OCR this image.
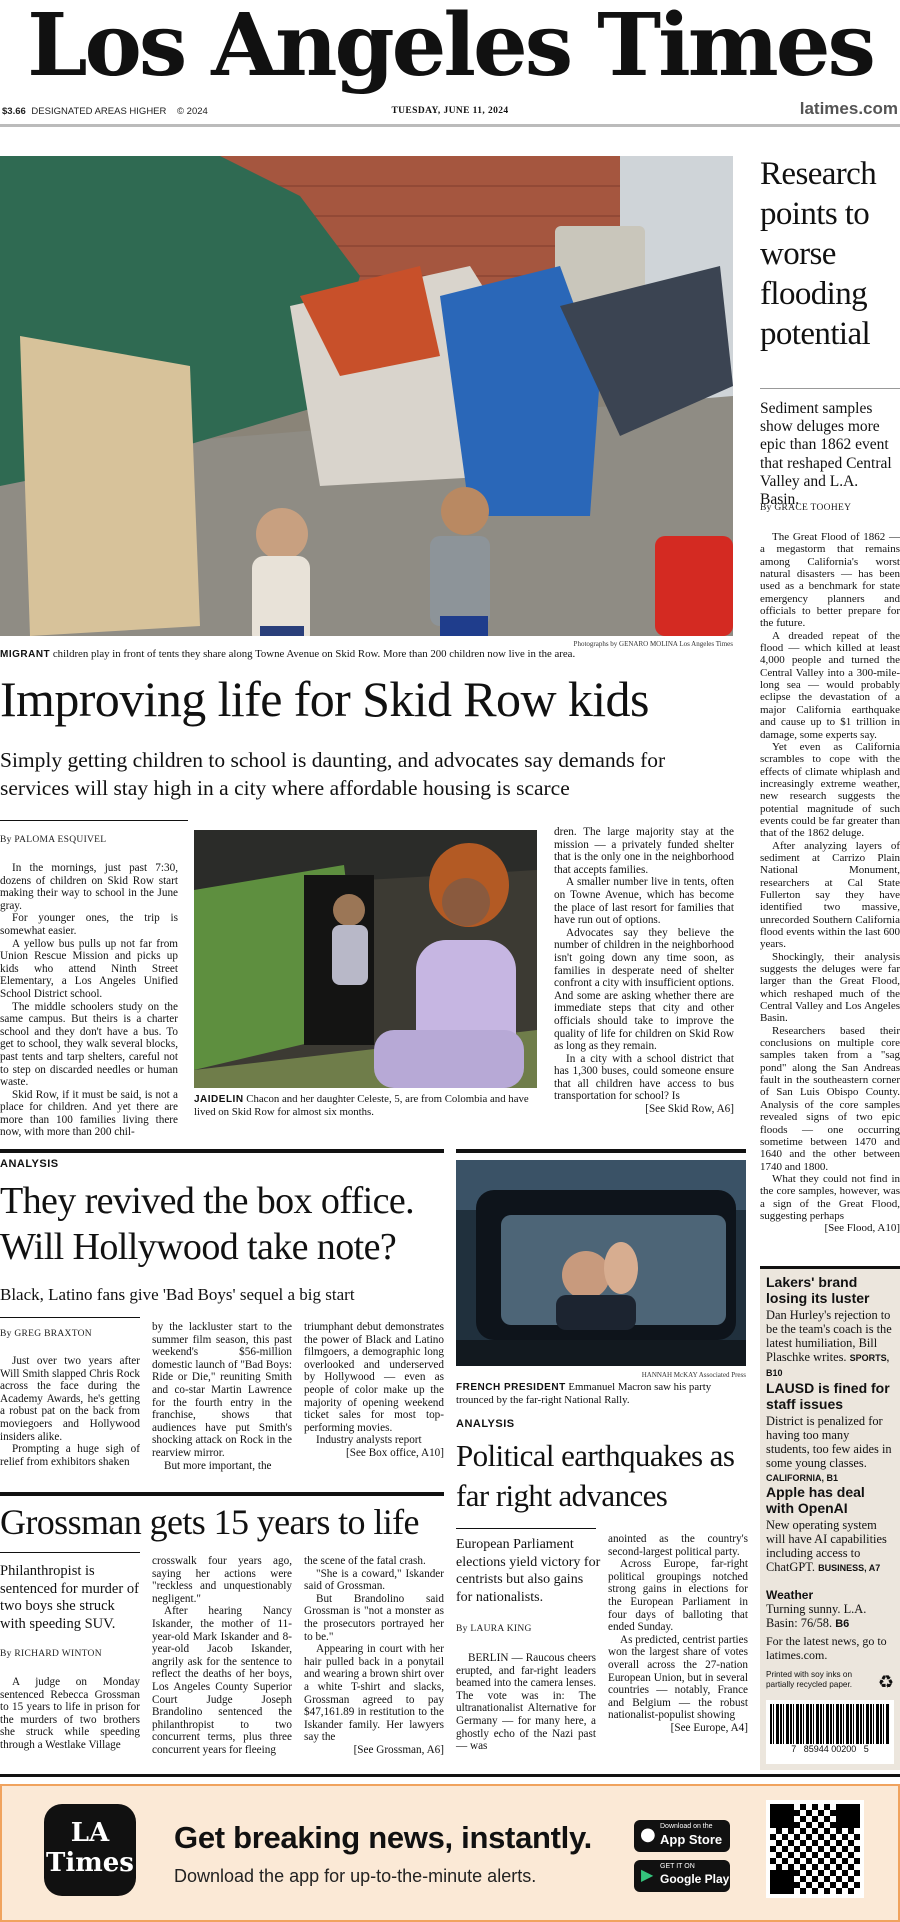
Los Angeles Times
$3.66 DESIGNATED AREAS HIGHER © 2024	TUESDAY, JUNE 11, 2024	latimes.com
Photographs by GENARO MOLINA Los Angeles Times
MIGRANT children play in front of tents they share along Towne Avenue on Skid Row. More than 200 children now live in the area.
Improving life for Skid Row kids
Simply getting children to school is daunting, and advocates say demands for services will stay high in a city where affordable housing is scarce
By PALOMA ESQUIVEL

In the mornings, just past 7:30, dozens of children on Skid Row start making their way to school in the June gray.

For younger ones, the trip is somewhat easier.

A yellow bus pulls up not far from Union Rescue Mission and picks up kids who attend Ninth Street Elementary, a Los Angeles Unified School District school.

The middle schoolers study on the same campus. But theirs is a charter school and they don't have a bus. To get to school, they walk several blocks, past tents and tarp shelters, careful not to step on discarded needles or human waste.

Skid Row, if it must be said, is not a place for children. And yet there are more than 100 families living there now, with more than 200 chil-

JAIDELIN Chacon and her daughter Celeste, 5, are from Colombia and have lived on Skid Row for almost six months.

dren. The large majority stay at the mission — a privately funded shelter that is the only one in the neighborhood that accepts families.

A smaller number live in tents, often on Towne Avenue, which has become the place of last resort for families that have run out of options.

Advocates say they believe the number of children in the neighborhood isn't going down any time soon, as families in desperate need of shelter confront a city with insufficient options. And some are asking whether there are immediate steps that city and other officials should take to improve the quality of life for children on Skid Row as long as they remain.

In a city with a school district that has 1,300 buses, could someone ensure that all children have access to bus transportation for school? Is

[See Skid Row, A6]

Research points to worse flooding potential
Sediment samples show deluges more epic than 1862 event that reshaped Central Valley and L.A. Basin.
By GRACE TOOHEY

The Great Flood of 1862 — a megastorm that remains among California's worst natural disasters — has been used as a benchmark for state emergency planners and officials to better prepare for the future.

A dreaded repeat of the flood — which killed at least 4,000 people and turned the Central Valley into a 300-mile-long sea — would probably eclipse the devastation of a major California earthquake and cause up to $1 trillion in damage, some experts say.

Yet even as California scrambles to cope with the effects of climate whiplash and increasingly extreme weather, new research suggests the potential magnitude of such events could be far greater than that of the 1862 deluge.

After analyzing layers of sediment at Carrizo Plain National Monument, researchers at Cal State Fullerton say they have identified two massive, unrecorded Southern California flood events within the last 600 years.

Shockingly, their analysis suggests the deluges were far larger than the Great Flood, which reshaped much of the Central Valley and Los Angeles Basin.

Researchers based their conclusions on multiple core samples taken from a "sag pond" along the San Andreas fault in the southeastern corner of San Luis Obispo County. Analysis of the core samples revealed signs of two epic floods — one occurring sometime between 1470 and 1640 and the other between 1740 and 1800.

What they could not find in the core samples, however, was a sign of the Great Flood, suggesting perhaps

[See Flood, A10]

ANALYSIS
They revived the box office. Will Hollywood take note?
Black, Latino fans give 'Bad Boys' sequel a big start
By GREG BRAXTON

Just over two years after Will Smith slapped Chris Rock across the face during the Academy Awards, he's getting a robust pat on the back from moviegoers and Hollywood insiders alike.

Prompting a huge sigh of relief from exhibitors shaken

by the lackluster start to the summer film season, this past weekend's $56-million domestic launch of "Bad Boys: Ride or Die," reuniting Smith and co-star Martin Lawrence for the fourth entry in the franchise, shows that audiences have put Smith's shocking attack on Rock in the rearview mirror.

But more important, the

triumphant debut demonstrates the power of Black and Latino filmgoers, a demographic long overlooked and underserved by Hollywood — even as people of color make up the majority of opening weekend ticket sales for most top-performing movies.

Industry analysts report

[See Box office, A10]

HANNAH McKAY Associated Press
FRENCH PRESIDENT Emmanuel Macron saw his party trounced by the far-right National Rally.
ANALYSIS
Political earthquakes as far right advances
European Parliament elections yield victory for centrists but also gains for nationalists.
By LAURA KING

BERLIN — Raucous cheers erupted, and far-right leaders beamed into the camera lenses. The vote was in: The ultranationalist Alternative for Germany — for many here, a ghostly echo of the Nazi past — was

anointed as the country's second-largest political party.

Across Europe, far-right political groupings notched strong gains in elections for the European Parliament in four days of balloting that ended Sunday.

As predicted, centrist parties won the largest share of votes overall across the 27-nation European Union, but in several countries — notably, France and Belgium — the robust nationalist-populist showing

[See Europe, A4]

Grossman gets 15 years to life
Philanthropist is sentenced for murder of two boys she struck with speeding SUV.
By RICHARD WINTON

A judge on Monday sentenced Rebecca Grossman to 15 years to life in prison for the murders of two brothers she struck while speeding through a Westlake Village

crosswalk four years ago, saying her actions were "reckless and unquestionably negligent."

After hearing Nancy Iskander, the mother of 11-year-old Mark Iskander and 8-year-old Jacob Iskander, angrily ask for the sentence to reflect the deaths of her boys, Los Angeles County Superior Court Judge Joseph Brandolino sentenced the philanthropist to two concurrent terms, plus three concurrent years for fleeing

the scene of the fatal crash.

"She is a coward," Iskander said of Grossman.

But Brandolino said Grossman is "not a monster as the prosecutors portrayed her to be."

Appearing in court with her hair pulled back in a ponytail and wearing a brown shirt over a white T-shirt and slacks, Grossman agreed to pay $47,161.89 in restitution to the Iskander family. Her lawyers say the

[See Grossman, A6]

Lakers' brand losing its luster
Dan Hurley's rejection to be the team's coach is the latest humiliation, Bill Plaschke writes. SPORTS, B10
LAUSD is fined for staff issues
District is penalized for having too many students, too few aides in some young classes. CALIFORNIA, B1
Apple has deal with OpenAI
New operating system will have AI capabilities including access to ChatGPT. BUSINESS, A7
Weather
Turning sunny. L.A. Basin: 76/58. B6
For the latest news, go to latimes.com.
Printed with soy inks on partially recycled paper. ♻
7   85944 00200   5
LA Times
Get breaking news, instantly.
Download the app for up-to-the-minute alerts.
● Download on the
App Store
▶ GET IT ON
Google Play
